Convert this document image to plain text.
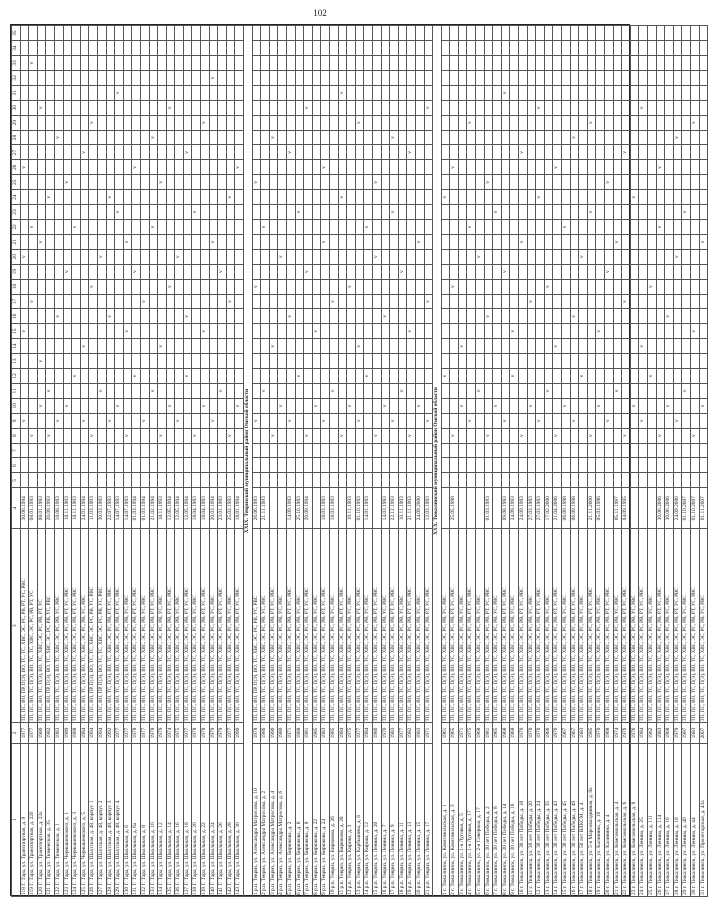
102
1	2	3	4	5	6	7	8	9	10	11	12	13	14	15	16	17	18	19	20	21	22	23	24	25	26	27	28	29	30	31	32	33	34	35
118 Г. Тара, ул. Транспортная, д. 9	1977	ТП, ПС, ВО, ПР, П(Э), ВО, ТС, ТС, ХВС, ЭС, РС, РВ, РТ, УС, РВС	30.06.1994					v						v					v						v									
119 Г. Тара, ул. Транспортная, д. 22б	1977	ТП, ПС, ВО, ТС, П(Э), ВО, ТС, ТС, ХВС, ЭС, РС, РВ, РТ, УС	08.01.1993				v									v					v											v		
120 Г. Тара, ул. Транспортная, д. 23а	1980	ТП, ПС, ВО, ТС, П(Э), ВО, ТС, ХВС, ЭС, РС, РВ, РТ, УС	08.01.1993						v			v								v									v					
121 Г. Тара, ул. Тюменская, д. 35	1982	ТП, ПС, ВО, ПР, П(Э), ВО, ТС, ХВС, ЭС, РС, РВ, УС, РВС	20.09.1993				v			v													v											
122 Г. Тара, ул. Тюменская, д. 1	1983	ТП, ПС, ВО, ТС, П(Э), ВО, ТС, ХВС, ЭС, РС, РВ, УС, РВС	18.08.1993					v							v												v							
123 Г. Тара, ул. Чернышевского, д. 1	1989	ТП, ПС, ВО, ТС, П(Э), ВО, ТС, ХВС, ЭС, РС, РВ, РТ, УС, РВС	18.11.1993						v									v						v										
124 Г. Тара, ул. Чернышевского, д. 3	1988	ТП, ПС, ВО, ТС, П(Э), ВО, ТС, ХВС, ЭС, РС, РВ, РТ, УС, РВС	18.11.1993								v										v													
125 Г. Тара, ул. Чернышевского, д. 5	1984	ТП, ПС, ВО, ТС, П(Э), ВО, ТС, ХВС, ЭС, РС, РВ, УС, РВС	24.01.1994					v					v													v								
126 Г. Тара, ул. Шахтская, д. 48, корпус 1	1994	ТП, ПС, ВО, ПР, П(Э), ВО, ТС, ТС, ХВС, ЭС, РС, РВ, УС, РВС	11.03.1993				v										v											v						
127 Г. Тара, ул. Шахтская, д. 48, корпус 2	1994	ТП, ПС, ВО, ПР, П(Э), ВО, ТС, ТС, ХВС, ЭС, РС, РВ, УС, РВС	30.03.1993							v									v															
128 Г. Тара, ул. Шахтская, д. 48, корпус 3	1992	ТП, ПС, ВО, ТС, П(Э), ВО, ТС, ХВС, ЭС, РС, РВ, РТ, УС, РВС	22.07.1993					v							v								v											
129 Г. Тара, ул. Шахтская, д. 48, корпус 4	1977	ТП, ПС, ВО, ТС, П(Э), ВО, ТС, ХВС, ЭС, РС, РВ, РТ, УС, РВС	14.07.1993						v													v								v				
130 Г. Тара, ул. Школьная, д. 6	1977	ТП, ПС, ВО, ТС, П(Э), ВО, ТС, ХВС, ЭС, РС, РВ, УС, РВС	14.07.1993				v							v						v														
131 Г. Тара, ул. Школьная, д. 6а	1978	ТП, ПС, ВО, ТС, П(Э), ВО, ТС, ХВС, ЭС, РС, РВ, РТ, УС, РВС	01.03.1994								v							v							v									
132 Г. Тара, ул. Школьная, д. 8	1977	ТП, ПС, ВО, ТС, П(Э), ВО, ТС, ХВС, ЭС, РС, РВ, УС, РВС	01.03.1994					v								v																		
133 Г. Тара, ул. Школьная, д. 10	1978	ТП, ПС, ВО, ТС, П(Э), ВО, ТС, ХВС, ЭС, РС, РВ, РТ, УС, РВС	21.02.1994							v											v						v							
134 Г. Тара, ул. Школьная, д. 12	1979	ТП, ПС, ВО, ТС, П(Э), ВО, ТС, ХВС, ЭС, РС, РВ, УС, РВС	18.11.1993				v						v											v										
135 Г. Тара, ул. Школьная, д. 14	1974	ТП, ПС, ВО, ТС, П(Э), ВО, ТС, ХВС, ЭС, РС, РВ, РТ, УС, РВС	12.05.1994						v								v												v					
136 Г. Тара, ул. Школьная, д. 16	1975	ТП, ПС, ВО, ТС, П(Э), ВО, ТС, ХВС, ЭС, РС, РВ, УС, РВС	12.05.1994					v											v															
137 Г. Тара, ул. Школьная, д. 18	1977	ТП, ПС, ВО, ТС, П(Э), ВО, ТС, ХВС, ЭС, РС, РВ, РТ, УС, РВС	12.05.1994								v				v											v								
138 Г. Тара, ул. Школьная, д. 20	1978	ТП, ПС, ВО, ТС, П(Э), ВО, ТС, ХВС, ЭС, РС, РВ, УС, РВС	18.04.1993				v															v												
139 Г. Тара, ул. Школьная, д. 22	1978	ТП, ПС, ВО, ТС, П(Э), ВО, ТС, ХВС, ЭС, РС, РВ, РТ, УС, РВС	18.04.1993						v					v														v						
140 Г. Тара, ул. Школьная, д. 24	1979	ТП, ПС, ВО, ТС, П(Э), ВО, ТС, ХВС, ЭС, РС, РВ, УС, РВС	20.03.1994					v												v											v			
141 Г. Тара, ул. Школьная, д. 26	1979	ТП, ПС, ВО, ТС, П(Э), ВО, ТС, ХВС, ЭС, РС, РВ, РТ, УС, РВС	23.01.1993							v								v																
142 Г. Тара, ул. Школьная, д. 28	1977	ТП, ПС, ВО, ТС, П(Э), ВО, ТС, ХВС, ЭС, РС, РВ, УС, РВС	25.02.1993				v									v							v											
143 Г. Тара, ул. Школьная, д. 30	1990	ТП, ПС, ВО, ТС, П(Э), ВО, ТС, ХВС, ЭС, РС, РВ, РТ, УС, РВС	18.01.1994						v																v									
XXIX. Тевризский муниципальный район Омской области																																		
1 р.п. Тевриз, ул. Александра Матросова, д. 10	1978	ТП, ПС, ВО, ПР, П(Э), ВО, ТС, ХВС, ЭС, РС, РВ, УС, РВС	26.06.1993					v									v							v										
2 р.п. Тевриз, ул. Александра Матросова, д. 2	1986	ТП, ПС, ВО, ТС, П(Э), ВО, ТС, ХВС, ЭС, РС, РВ, УС, РВС	21.11.1993							v											v													
3 р.п. Тевриз, ул. Александра Матросова, д. 4	1990	ТП, ПС, ВО, ТС, П(Э), ВО, ТС, ХВС, ЭС, РС, РВ, РТ, УС, РВС					v						v														v							
4 р.п. Тевриз, ул. Александра Матросова, д. 6	1980	ТП, ПС, ВО, ТС, П(Э), ВО, ТС, ХВС, ЭС, РС, РВ, УС, РВС							v										v															
5 р.п. Тевриз, ул. Бирюкова, д. 2	1971	ТП, ПС, ВО, ТС, П(Э), ВО, ТС, ХВС, ЭС, РС, РВ, РТ, УС, РВС	14.09.1993					v							v											v								
6 р.п. Тевриз, ул. Бирюкова, д. 6	1988	ТП, ПС, ВО, ТС, П(Э), ВО, ТС, ХВС, ЭС, РС, РВ, УС, РВС	25.10.1993								v											v												
7 р.п. Тевриз, ул. Бирюкова, д. 8	1981	ТП, ПС, ВО, ТС, П(Э), ВО, ТС, ХВС, ЭС, РС, РВ, РТ, УС, РВС	20.09.1994				v											v											v					
8 р.п. Тевриз, ул. Бирюкова, д. 22	1985	ТП, ПС, ВО, ТС, П(Э), ВО, ТС, ХВС, ЭС, РС, РВ, УС, РВС							v					v																				
9 р.п. Тевриз, ул. Бирюкова, д. 24	1983	ТП, ПС, ВО, ТС, П(Э), ВО, ТС, ХВС, ЭС, РС, РВ, РТ, УС, РВС	18.03.1993					v												v					v									
10 р.п. Тевриз, ул. Бирюкова, д. 26	1985	ТП, ПС, ВО, ТС, П(Э), ВО, ТС, ХВС, ЭС, РС, РВ, УС, РВС	18.03.1993							v						v																		
11 р.п. Тевриз, ул. Бирюкова, д. 28	1984	ТП, ПС, ВО, ТС, П(Э), ВО, ТС, ХВС, ЭС, РС, РВ, РТ, УС, РВС					v																v							v				
12 р.п. Тевриз, ул. Кирова, д. 3	1975	ТП, ПС, ВО, ТС, П(Э), ВО, ТС, ХВС, ЭС, РС, РВ, УС, РВС	10.11.1993						v								v																	
13 р.п. Тевриз, ул. Карбышева, д. 8	1977	ТП, ПС, ВО, ТС, П(Э), ВО, ТС, ХВС, ЭС, РС, РВ, РТ, УС, РВС	01.10.1993					v					v															v						
14 р.п. Тевриз, ул. Кирова, д. 12	1984	ТП, ПС, ВО, ТС, П(Э), ВО, ТС, ХВС, ЭС, РС, РВ, УС, РВС	14.01.1993								v										v													
15 р.п. Тевриз, ул. Ленина, д. 20	1980	ТП, ПС, ВО, ТС, П(Э), ВО, ТС, ХВС, ЭС, РС, РВ, РТ, УС, РВС					v												v					v										
16 р.п. Тевриз, ул. Ленина, д. 7	1970	ТП, ПС, ВО, ТС, П(Э), ВО, ТС, ХВС, ЭС, РС, РВ, УС, РВС	14.03.1993						v						v																			
17 р.п. Тевриз, ул. Ленина, д. 9	1983	ТП, ПС, ВО, ТС, П(Э), ВО, ТС, ХВС, ЭС, РС, РВ, РТ, УС, РВС	22.12.1993					v														v					v							
18 р.п. Тевриз, ул. Ленина, д. 11	1977	ТП, ПС, ВО, ТС, П(Э), ВО, ТС, ХВС, ЭС, РС, РВ, УС, РВС	10.11.1993							v								v																
19 р.п. Тевриз, ул. Ленина, д. 13	1982	ТП, ПС, ВО, ТС, П(Э), ВО, ТС, ХВС, ЭС, РС, РВ, РТ, УС, РВС	21.11.1993				v							v												v								
20 р.п. Тевриз, ул. Ленина, д. 15	1983	ТП, ПС, ВО, ТС, П(Э), ВО, ТС, ХВС, ЭС, РС, РВ, УС, РВС	24.09.2000						v											v														
21 р.п. Тевриз, ул. Ленина, д. 17	1971	ТП, ПС, ВО, ТС, П(Э), ВО, ТС, ХВС, ЭС, РС, РВ, РТ, УС, РВС	12.03.1993					v								v													v					
XXX. Тюкалинский муниципальный район Омской области																																		
1 г. Тюкалинск, ул. Комсомольская, д. 1	1961	ТП, ПС, ВО, ТС, П(Э), ВО, ТС, ХВС, ЭС, РС, РВ, УС, РВС									v												v											
2 г. Тюкалинск, ул. Комсомольская, д. 3	1965	ТП, ПС, ВО, ТС, П(Э), ВО, ТС, ХВС, ЭС, РС, РВ, РТ, УС, РВС	25.05.1998				v										v								v									
3 г. Тюкалинск, ул. 1-я Луговая, д. 5	1971	ТП, ПС, ВО, ТС, П(Э), ВО, ТС, ХВС, ЭС, РС, РВ, УС, РВС							v				v																					
4 г. Тюкалинск, ул. 1-я Луговая, д. 17	1975	ТП, ПС, ВО, ТС, П(Э), ВО, ТС, ХВС, ЭС, РС, РВ, РТ, УС, РВС						v													v							v						
5 г. Тюкалинск, ул. 2-я Северная, д. 17	1968	ТП, ПС, ВО, ТС, П(Э), ВО, ТС, ХВС, ЭС, РС, РВ, УС, РВС								v									v															
6 г. Тюкалинск, ул. 30 лет Победы, д. 2	1981	ТП, ПС, ВО, ТС, П(Э), ВО, ТС, ХВС, ЭС, РС, РВ, РТ, УС, РВС	01.03.1993				v								v									v										
7 г. Тюкалинск, ул. 30 лет Победы, д. 8	1965	ТП, ПС, ВО, ТС, П(Э), ВО, ТС, ХВС, ЭС, РС, РВ, УС, РВС							v													v												
8 г. Тюкалинск, ул. 30 лет Победы, д. 14	1968	ТП, ПС, ВО, ТС, П(Э), ВО, ТС, ХВС, ЭС, РС, РВ, РТ, УС, РВС	09.08.1993					v										v												v				
9 г. Тюкалинск, ул. 30 лет Победы, д. 16	1968	ТП, ПС, ВО, ТС, П(Э), ВО, ТС, ХВС, ЭС, РС, РВ, УС, РВС	24.09.1993								v			v																				
10 г. Тюкалинск, ул. 30 лет Победы, д. 18	1970	ТП, ПС, ВО, ТС, П(Э), ВО, ТС, ХВС, ЭС, РС, РВ, РТ, УС, РВС	24.09.1993				v													v						v								
11 г. Тюкалинск, ул. 30 лет Победы, д. 20	1970	ТП, ПС, ВО, ТС, П(Э), ВО, ТС, ХВС, ЭС, РС, РВ, УС, РВС	27.03.1993						v							v																		
12 г. Тюкалинск, ул. 30 лет Победы, д. 24	1970	ТП, ПС, ВО, ТС, П(Э), ВО, ТС, ХВС, ЭС, РС, РВ, РТ, УС, РВС	27.03.1993					v															v						v					
13 г. Тюкалинск, ул. 30 лет Победы, д. 35	1966	ТП, ПС, ВО, ТС, П(Э), ВО, ТС, ХВС, ЭС, РС, РВ, УС, РВС	17.02.2000							v							v																	
14 г. Тюкалинск, ул. 30 лет Победы, д. 43	1976	ТП, ПС, ВО, ТС, П(Э), ВО, ТС, ХВС, ЭС, РС, РВ, РТ, УС, РВС	21.04.2006				v						v												v									
15 г. Тюкалинск, ул. 30 лет Победы, д. 45	1967	ТП, ПС, ВО, ТС, П(Э), ВО, ТС, ХВС, ЭС, РС, РВ, УС, РВС	06.09.1998						v												v													
16 г. Тюкалинск, ул. 30 лет Победы, д. 49	1967	ТП, ПС, ВО, ТС, П(Э), ВО, ТС, ХВС, ЭС, РС, РВ, РТ, УС, РВС	06.09.1998					v							v												v							
17 г. Тюкалинск, ул. 50 лет ВЛКСМ, д. 4	1983	ТП, ПС, ВО, ТС, П(Э), ВО, ТС, ХВС, ЭС, РС, РВ, УС, РВС									v								v															
18 г. Тюкалинск, ул. 5-я Марсовалдинная, д. 8а	1985	ТП, ПС, ВО, ТС, П(Э), ВО, ТС, ХВС, ЭС, РС, РВ, РТ, УС, РВС	21.11.2000				v															v						v						
19 г. Тюкалинск, ул. Калинина, д. 10	1970	ТП, ПС, ВО, ТС, П(Э), ВО, ТС, ХВС, ЭС, РС, РВ, УС, РВС	05.03.1996						v					v																				
20 г. Тюкалинск, ул. Калинина, д. 4	1968	ТП, ПС, ВО, ТС, П(Э), ВО, ТС, ХВС, ЭС, РС, РВ, РТ, УС, РВС						v										v						v										
21 г. Тюкалинск, ул. Комсомольская, д. 4	1974	ТП, ПС, ВО, ТС, П(Э), ВО, ТС, ХВС, ЭС, РС, РВ, УС, РВС	05.11.1997							v										v														
22 г. Тюкалинск, ул. Комсомольская, д. 6	1976	ТП, ПС, ВО, ТС, П(Э), ВО, ТС, ХВС, ЭС, РС, РВ, РТ, УС, РВС	04.09.1995				v									v										v								
23 г. Тюкалинск, ул. Комсомольская, д. 8	1976	ТП, ПС, ВО, ТС, П(Э), ВО, ТС, ХВС, ЭС, РС, РВ, УС, РВС							v														v											
24 г. Тюкалинск, ул. Ленина, д. 25	1984	ТП, ПС, ВО, ТС, П(Э), ВО, ТС, ХВС, ЭС, РС, РВ, РТ, УС, РВС						v					v																v					
25 г. Тюкалинск, ул. Ленина, д. 111	1962	ТП, ПС, ВО, ТС, П(Э), ВО, ТС, ХВС, ЭС, РС, РВ, УС, РВС									v						v																	
26 г. Тюкалинск, ул. Ленина, д. 114	1983	ТП, ПС, ВО, ТС, П(Э), ВО, ТС, ХВС, ЭС, РС, РВ, РТ, УС, РВС	30.06.2006				v														v				v									
27 г. Тюкалинск, ул. Ленина, д. 16	1968	ТП, ПС, ВО, ТС, П(Э), ВО, ТС, ХВС, ЭС, РС, РВ, УС, РВС	30.06.2006						v						v																			
28 г. Тюкалинск, ул. Ленина, д. 18	1979	ТП, ПС, ВО, ТС, П(Э), ВО, ТС, ХВС, ЭС, РС, РВ, РТ, УС, РВС	24.09.2006					v											v								v							
29 г. Тюкалинск, ул. Ленина, д. 40	1987	ТП, ПС, ВО, ТС, П(Э), ВО, ТС, ХВС, ЭС, РС, РВ, УС, РВС	01.10.2007							v												v												
30 г. Тюкалинск, ул. Ленина, д. 44	1983	ТП, ПС, ВО, ТС, П(Э), ВО, ТС, ХВС, ЭС, РС, РВ, РТ, УС, РВС	01.10.2007				v							v														v						
31 г. Тюкалинск, ул. Пролетарская, д. 43а	2007	ТП, ПС, ВО, ТС, П(Э), ВО, ТС, ХВС, ЭС, РС, РВ, УС, РВС	01.11.2007						v											v														
